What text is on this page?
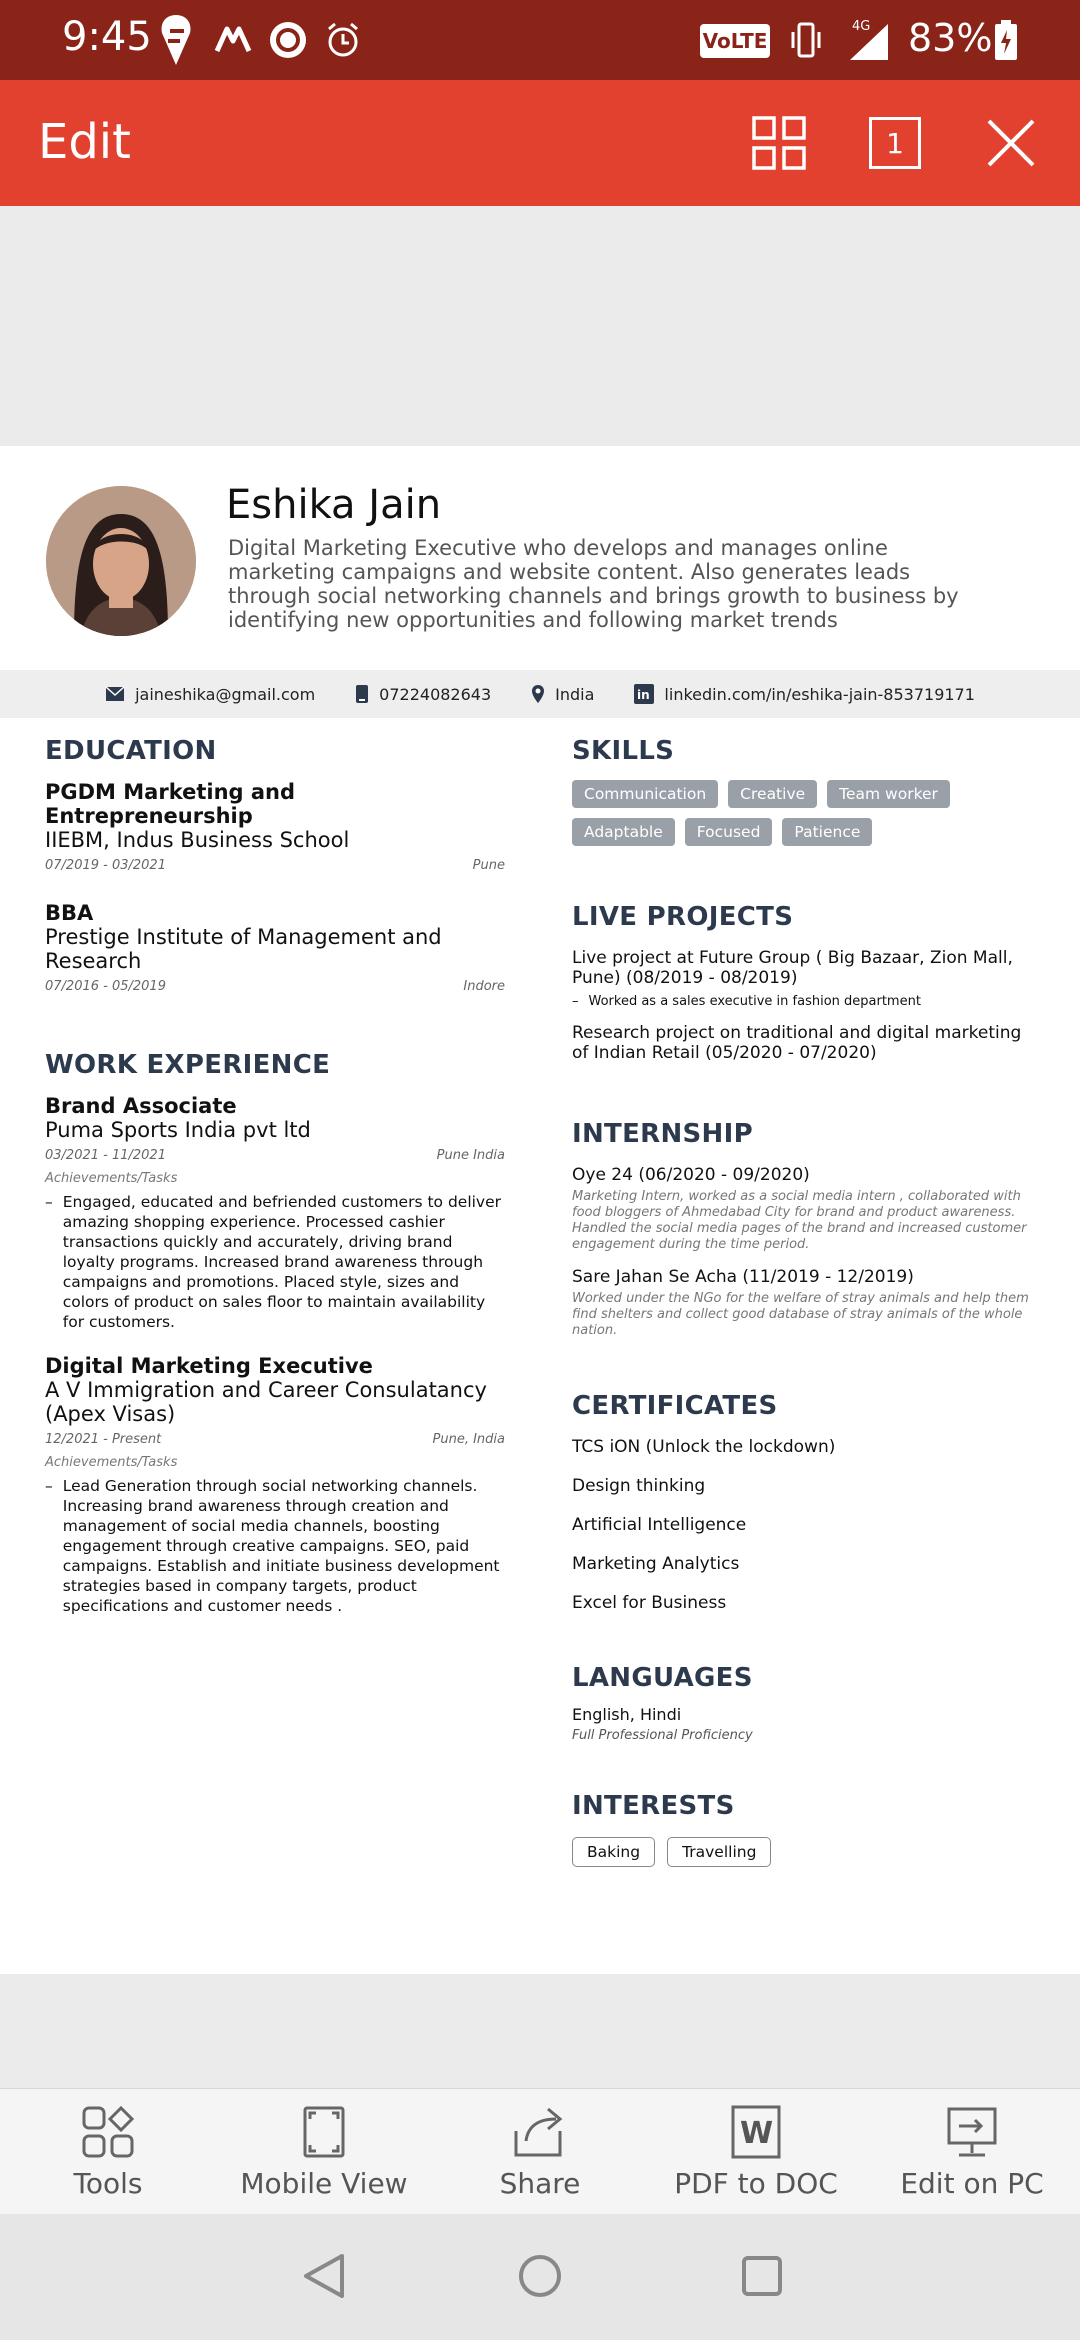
9:45	VoLTE
4G 83%
Edit	1
Eshika Jain
Digital Marketing Executive who develops and manages online marketing campaigns and website content. Also generates leads through social networking channels and brings growth to business by identifying new opportunities and following market trends
jaineshika@gmail.com	07224082643	India	in linkedin.com/in/eshika-jain-853719171
EDUCATION
PGDM Marketing and Entrepreneurship
IIEBM, Indus Business School
07/2019 - 03/2021	Pune
BBA
Prestige Institute of Management and Research
07/2016 - 05/2019	Indore
WORK EXPERIENCE
Brand Associate
Puma Sports India pvt ltd
03/2021 - 11/2021	Pune India
Achievements/Tasks
– Engaged, educated and befriended customers to deliver amazing shopping experience. Processed cashier transactions quickly and accurately, driving brand loyalty programs. Increased brand awareness through campaigns and promotions. Placed style, sizes and colors of product on sales floor to maintain availability for customers.
Digital Marketing Executive
A V Immigration and Career Consulatancy (Apex Visas)
12/2021 - Present	Pune, India
Achievements/Tasks
– Lead Generation through social networking channels. Increasing brand awareness through creation and management of social media channels, boosting engagement through creative campaigns. SEO, paid campaigns. Establish and initiate business development strategies based in company targets, product specifications and customer needs .
SKILLS
Communication	Creative	Team worker
Adaptable	Focused	Patience
LIVE PROJECTS
Live project at Future Group ( Big Bazaar, Zion Mall, Pune) (08/2019 - 08/2019)
– Worked as a sales executive in fashion department
Research project on traditional and digital marketing of Indian Retail (05/2020 - 07/2020)
INTERNSHIP
Oye 24 (06/2020 - 09/2020)
Marketing Intern, worked as a social media intern , collaborated with food bloggers of Ahmedabad City for brand and product awareness. Handled the social media pages of the brand and increased customer engagement during the time period.
Sare Jahan Se Acha (11/2019 - 12/2019)
Worked under the NGo for the welfare of stray animals and help them find shelters and collect good database of stray animals of the whole nation.
CERTIFICATES
TCS iON (Unlock the lockdown)
Design thinking
Artificial Intelligence
Marketing Analytics
Excel for Business
LANGUAGES
English, Hindi
Full Professional Proficiency
INTERESTS
Baking	Travelling
Tools	Mobile View	Share
W
PDF to DOC Edit on PC
